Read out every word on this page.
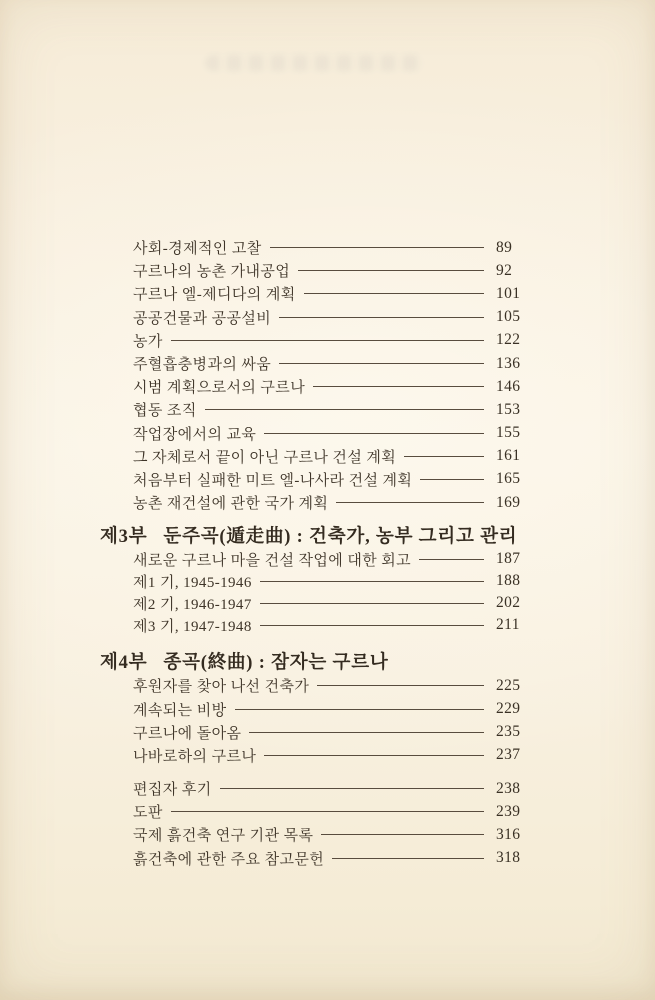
사회-경제적인 고찰	89
구르나의 농촌 가내공업	92
구르나 엘-제디다의 계획	101
공공건물과 공공설비	105
농가	122
주혈흡충병과의 싸움	136
시범 계획으로서의 구르나	146
협동 조직	153
작업장에서의 교육	155
그 자체로서 끝이 아닌 구르나 건설 계획	161
처음부터 실패한 미트 엘-나사라 건설 계획	165
농촌 재건설에 관한 국가 계획	169
제3부 둔주곡(遁走曲) : 건축가, 농부 그리고 관리
새로운 구르나 마을 건설 작업에 대한 회고	187
제1 기, 1945-1946	188
제2 기, 1946-1947	202
제3 기, 1947-1948	211
제4부 종곡(終曲) : 잠자는 구르나
후원자를 찾아 나선 건축가	225
계속되는 비방	229
구르나에 돌아옴	235
나바로하의 구르나	237
편집자 후기	238
도판	239
국제 흙건축 연구 기관 목록	316
흙건축에 관한 주요 참고문헌	318
